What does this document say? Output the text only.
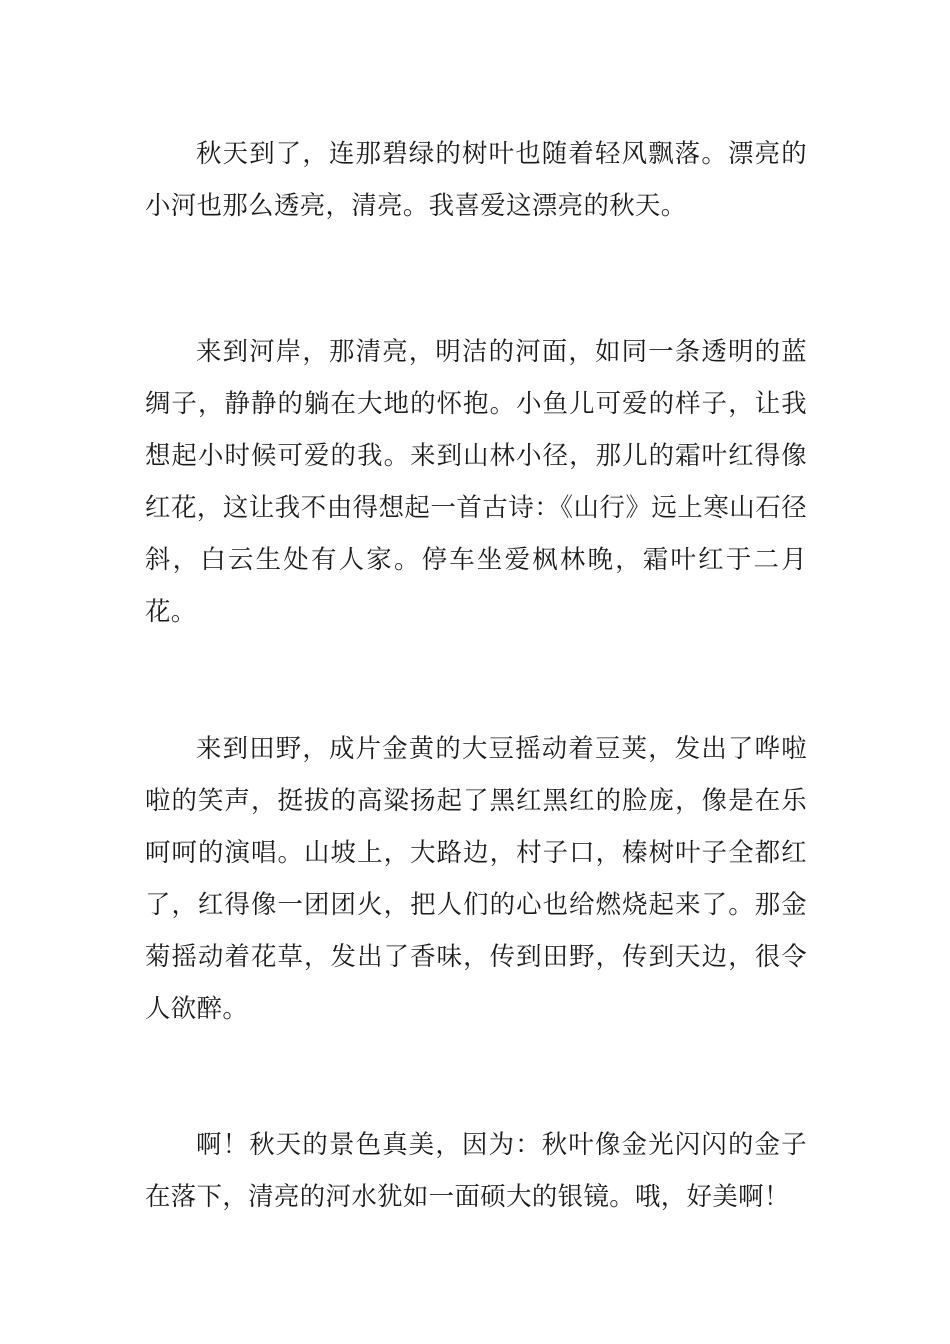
秋天到了，连那碧绿的树叶也随着轻风飘落。漂亮的小河也那么透亮，清亮。我喜爱这漂亮的秋天。

来到河岸，那清亮，明洁的河面，如同一条透明的蓝绸子，静静的躺在大地的怀抱。小鱼儿可爱的样子，让我想起小时候可爱的我。来到山林小径，那儿的霜叶红得像红花，这让我不由得想起一首古诗：《山行》远上寒山石径斜，白云生处有人家。停车坐爱枫林晚，霜叶红于二月花。

来到田野，成片金黄的大豆摇动着豆荚，发出了哗啦啦的笑声，挺拔的高粱扬起了黑红黑红的脸庞，像是在乐呵呵的演唱。山坡上，大路边，村子口，榛树叶子全都红了，红得像一团团火，把人们的心也给燃烧起来了。那金菊摇动着花草，发出了香味，传到田野，传到天边，很令人欲醉。

啊！秋天的景色真美，因为：秋叶像金光闪闪的金子在落下，清亮的河水犹如一面硕大的银镜。哦，好美啊！
